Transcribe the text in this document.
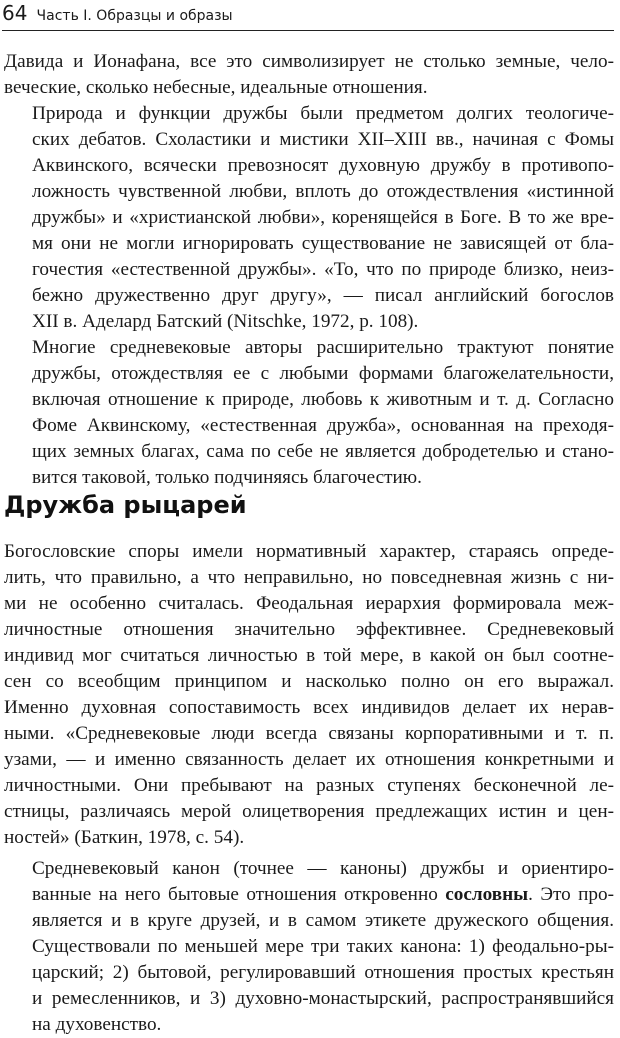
64 Часть I. Образцы и образы

Давида и Ионафана, все это символизирует не столько земные, чело-
веческие, сколько небесные, идеальные отношения.

Природа и функции дружбы были предметом долгих теологиче-
ских дебатов. Схоластики и мистики XII–XIII вв., начиная с Фомы
Аквинского, всячески превозносят духовную дружбу в противопо-
ложность чувственной любви, вплоть до отождествления «истинной
дружбы» и «христианской любви», коренящейся в Боге. В то же вре-
мя они не могли игнорировать существование не зависящей от бла-
гочестия «естественной дружбы». «То, что по природе близко, неиз-
бежно дружественно друг другу», — писал английский богослов
XII в. Аделард Батский (Nitschke, 1972, p. 108).

Многие средневековые авторы расширительно трактуют понятие
дружбы, отождествляя ее с любыми формами благожелательности,
включая отношение к природе, любовь к животным и т. д. Согласно
Фоме Аквинскому, «естественная дружба», основанная на преходя-
щих земных благах, сама по себе не является добродетелью и стано-
вится таковой, только подчиняясь благочестию.

Дружба рыцарей

Богословские споры имели нормативный характер, стараясь опреде-
лить, что правильно, а что неправильно, но повседневная жизнь с ни-
ми не особенно считалась. Феодальная иерархия формировала меж-
личностные отношения значительно эффективнее. Средневековый
индивид мог считаться личностью в той мере, в какой он был соотне-
сен со всеобщим принципом и насколько полно он его выражал.
Именно духовная сопоставимость всех индивидов делает их нерав-
ными. «Средневековые люди всегда связаны корпоративными и т. п.
узами, — и именно связанность делает их отношения конкретными и
личностными. Они пребывают на разных ступенях бесконечной ле-
стницы, различаясь мерой олицетворения предлежащих истин и цен-
ностей» (Баткин, 1978, с. 54).

Средневековый канон (точнее — каноны) дружбы и ориентиро-
ванные на него бытовые отношения откровенно сословны. Это про-
является и в круге друзей, и в самом этикете дружеского общения.
Существовали по меньшей мере три таких канона: 1) феодально-ры-
царский; 2) бытовой, регулировавший отношения простых крестьян
и ремесленников, и 3) духовно-монастырский, распространявшийся
на духовенство.
